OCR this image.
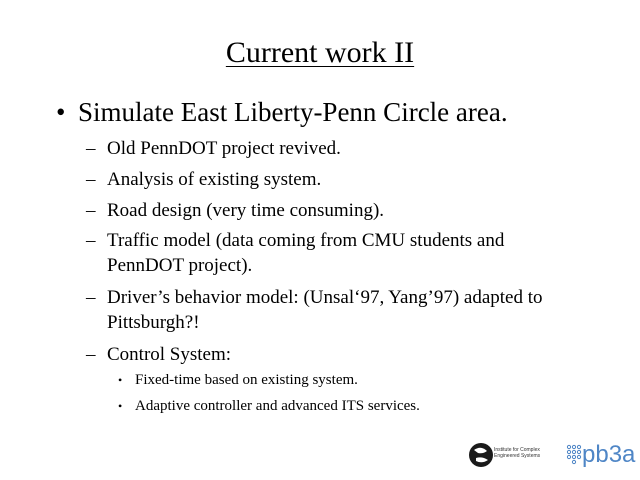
Current work II
• Simulate East Liberty-Penn Circle area.
– Old PennDOT project revived.
– Analysis of existing system.
– Road design (very time consuming).
– Traffic model (data coming from CMU students and PennDOT project).
– Driver’s behavior model: (Unsal‘97, Yang’97) adapted to Pittsburgh?!
– Control System:
• Fixed-time based on existing system.
• Adaptive controller and advanced ITS services.
Institute for Complex Engineered Systems	pb3a
